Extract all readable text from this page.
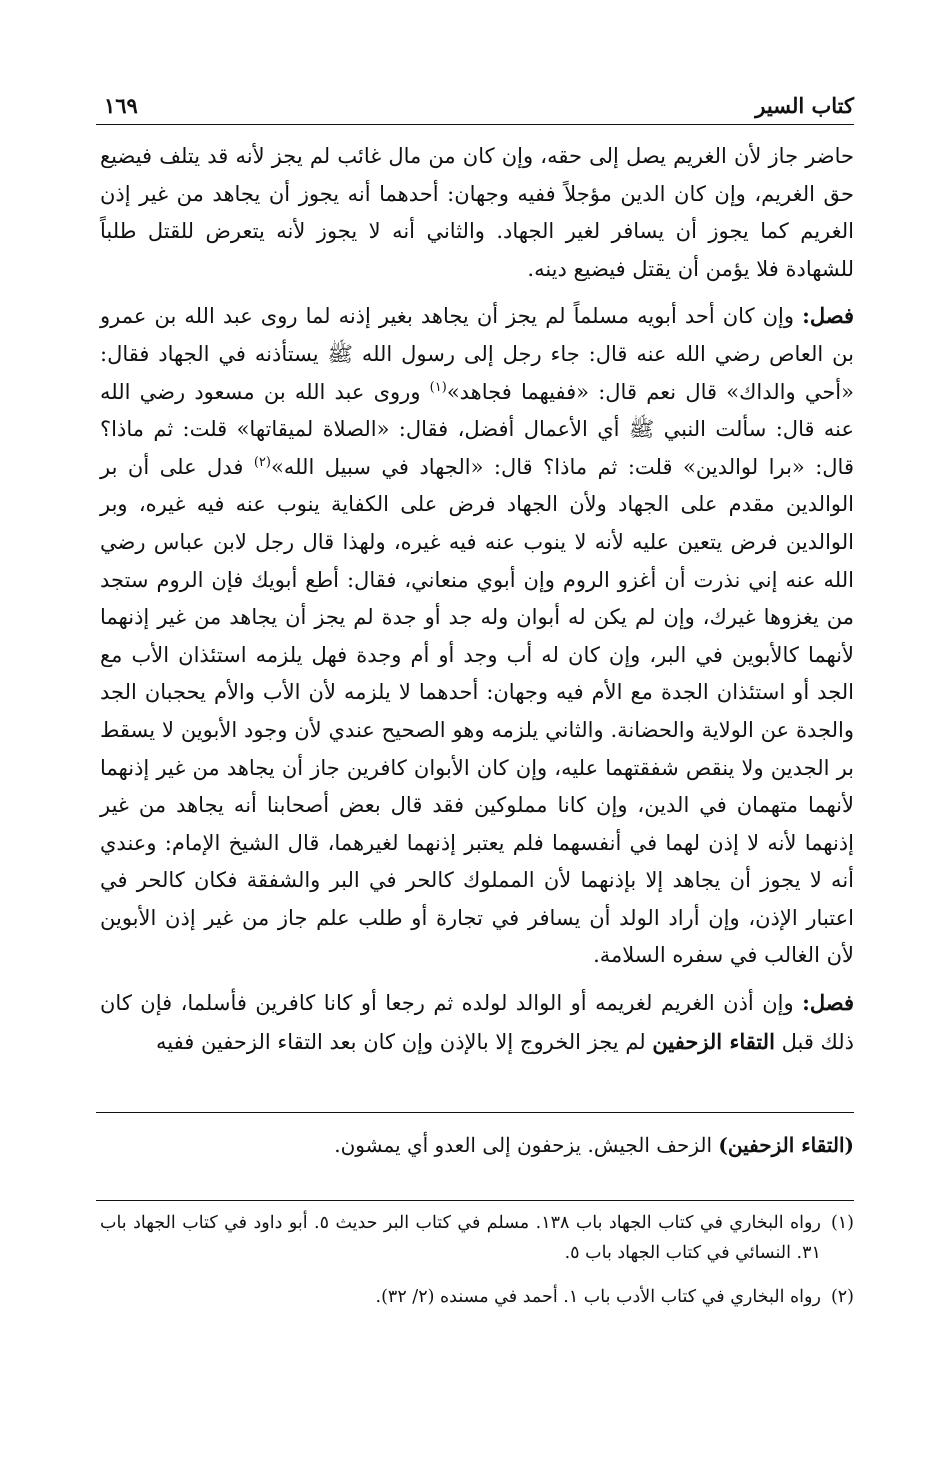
كتاب السير
١٦٩

حاضر جاز لأن الغريم يصل إلى حقه، وإن كان من مال غائب لم يجز لأنه قد يتلف فيضيع حق الغريم، وإن كان الدين مؤجلاً ففيه وجهان: أحدهما أنه يجوز أن يجاهد من غير إذن الغريم كما يجوز أن يسافر لغير الجهاد. والثاني أنه لا يجوز لأنه يتعرض للقتل طلباً للشهادة فلا يؤمن أن يقتل فيضيع دينه.

فصل: وإن كان أحد أبويه مسلماً لم يجز أن يجاهد بغير إذنه لما روى عبد الله بن عمرو بن العاص رضي الله عنه قال: جاء رجل إلى رسول الله ﷺ يستأذنه في الجهاد فقال: «أحي والداك» قال نعم قال: «ففيهما فجاهد»$^{(١)}$ وروى عبد الله بن مسعود رضي الله عنه قال: سألت النبي ﷺ أي الأعمال أفضل، فقال: «الصلاة لميقاتها» قلت: ثم ماذا؟ قال: «برا لوالدين» قلت: ثم ماذا؟ قال: «الجهاد في سبيل الله»$^{(٢)}$ فدل على أن بر الوالدين مقدم على الجهاد ولأن الجهاد فرض على الكفاية ينوب عنه فيه غيره، وبر الوالدين فرض يتعين عليه لأنه لا ينوب عنه فيه غيره، ولهذا قال رجل لابن عباس رضي الله عنه إني نذرت أن أغزو الروم وإن أبوي منعاني، فقال: أطع أبويك فإن الروم ستجد من يغزوها غيرك، وإن لم يكن له أبوان وله جد أو جدة لم يجز أن يجاهد من غير إذنهما لأنهما كالأبوين في البر، وإن كان له أب وجد أو أم وجدة فهل يلزمه استئذان الأب مع الجد أو استئذان الجدة مع الأم فيه وجهان: أحدهما لا يلزمه لأن الأب والأم يحجبان الجد والجدة عن الولاية والحضانة. والثاني يلزمه وهو الصحيح عندي لأن وجود الأبوين لا يسقط بر الجدين ولا ينقص شفقتهما عليه، وإن كان الأبوان كافرين جاز أن يجاهد من غير إذنهما لأنهما متهمان في الدين، وإن كانا مملوكين فقد قال بعض أصحابنا أنه يجاهد من غير إذنهما لأنه لا إذن لهما في أنفسهما فلم يعتبر إذنهما لغيرهما، قال الشيخ الإمام: وعندي أنه لا يجوز أن يجاهد إلا بإذنهما لأن المملوك كالحر في البر والشفقة فكان كالحر في اعتبار الإذن، وإن أراد الولد أن يسافر في تجارة أو طلب علم جاز من غير إذن الأبوين لأن الغالب في سفره السلامة.

فصل: وإن أذن الغريم لغريمه أو الوالد لولده ثم رجعا أو كانا كافرين فأسلما، فإن كان ذلك قبل التقاء الزحفين لم يجز الخروج إلا بالإذن وإن كان بعد التقاء الزحفين ففيه

(التقاء الزحفين) الزحف الجيش. يزحفون إلى العدو أي يمشون.

(١)
رواه البخاري في كتاب الجهاد باب ١٣٨. مسلم في كتاب البر حديث ٥. أبو داود في كتاب الجهاد باب ٣١. النسائي في كتاب الجهاد باب ٥.

(٢)
رواه البخاري في كتاب الأدب باب ١. أحمد في مسنده (٢/ ٣٢).
